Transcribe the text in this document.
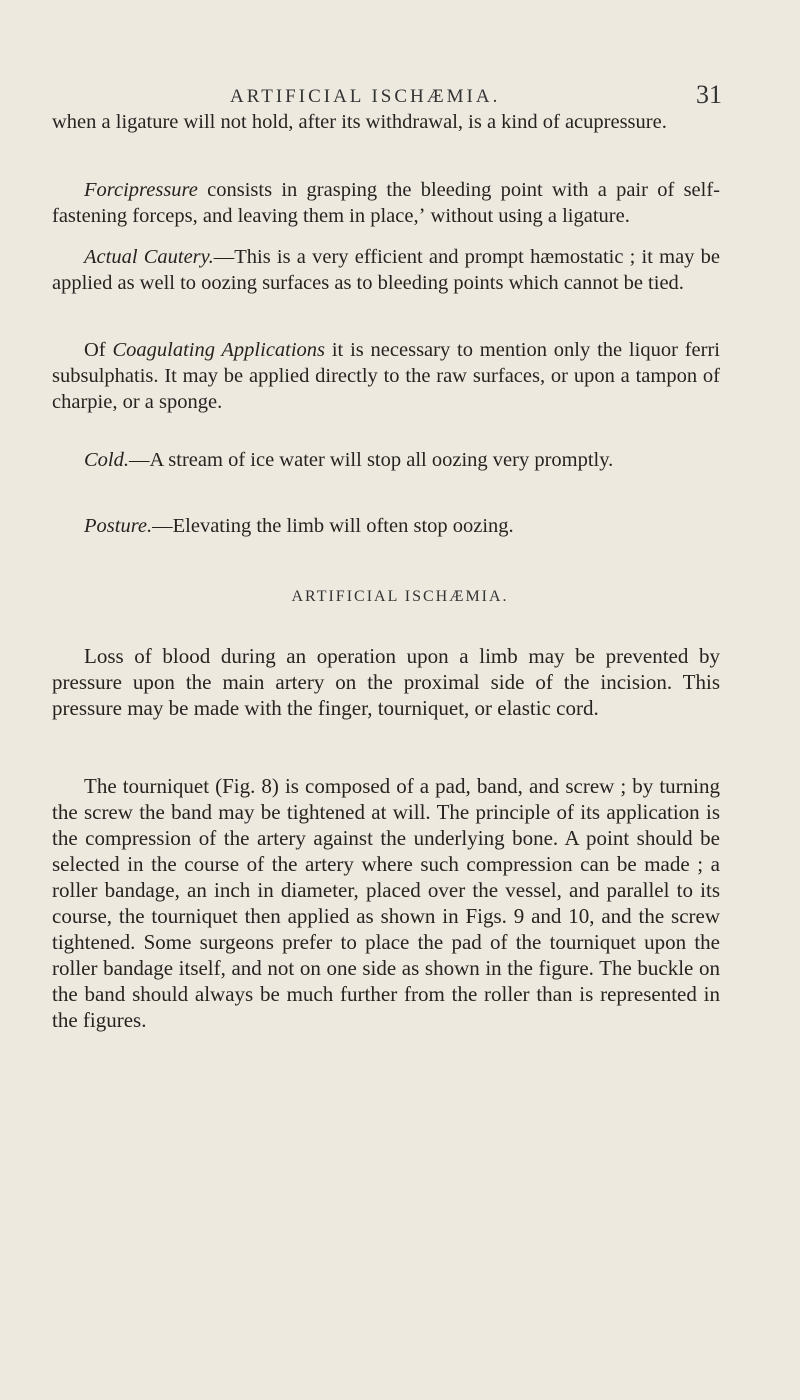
ARTIFICIAL ISCHÆMIA.	31

when a ligature will not hold, after its withdrawal, is a kind of acupressure.

Forcipressure consists in grasping the bleeding point with a pair of self-fastening forceps, and leaving them in place,ʼ without using a ligature.

Actual Cautery.—This is a very efficient and prompt hæmostatic ; it may be applied as well to oozing surfaces as to bleeding points which cannot be tied.

Of Coagulating Applications it is necessary to mention only the liquor ferri subsulphatis. It may be applied directly to the raw surfaces, or upon a tampon of charpie, or a sponge.

Cold.—A stream of ice water will stop all oozing very promptly.

Posture.—Elevating the limb will often stop oozing.

ARTIFICIAL ISCHÆMIA.

Loss of blood during an operation upon a limb may be prevented by pressure upon the main artery on the proximal side of the incision. This pressure may be made with the finger, tourniquet, or elastic cord.

The tourniquet (Fig. 8) is composed of a pad, band, and screw ; by turning the screw the band may be tightened at will. The principle of its application is the compression of the artery against the underlying bone. A point should be selected in the course of the artery where such compression can be made ; a roller bandage, an inch in diameter, placed over the vessel, and parallel to its course, the tourniquet then applied as shown in Figs. 9 and 10, and the screw tightened. Some surgeons prefer to place the pad of the tourniquet upon the roller bandage itself, and not on one side as shown in the figure. The buckle on the band should always be much further from the roller than is represented in the figures.
